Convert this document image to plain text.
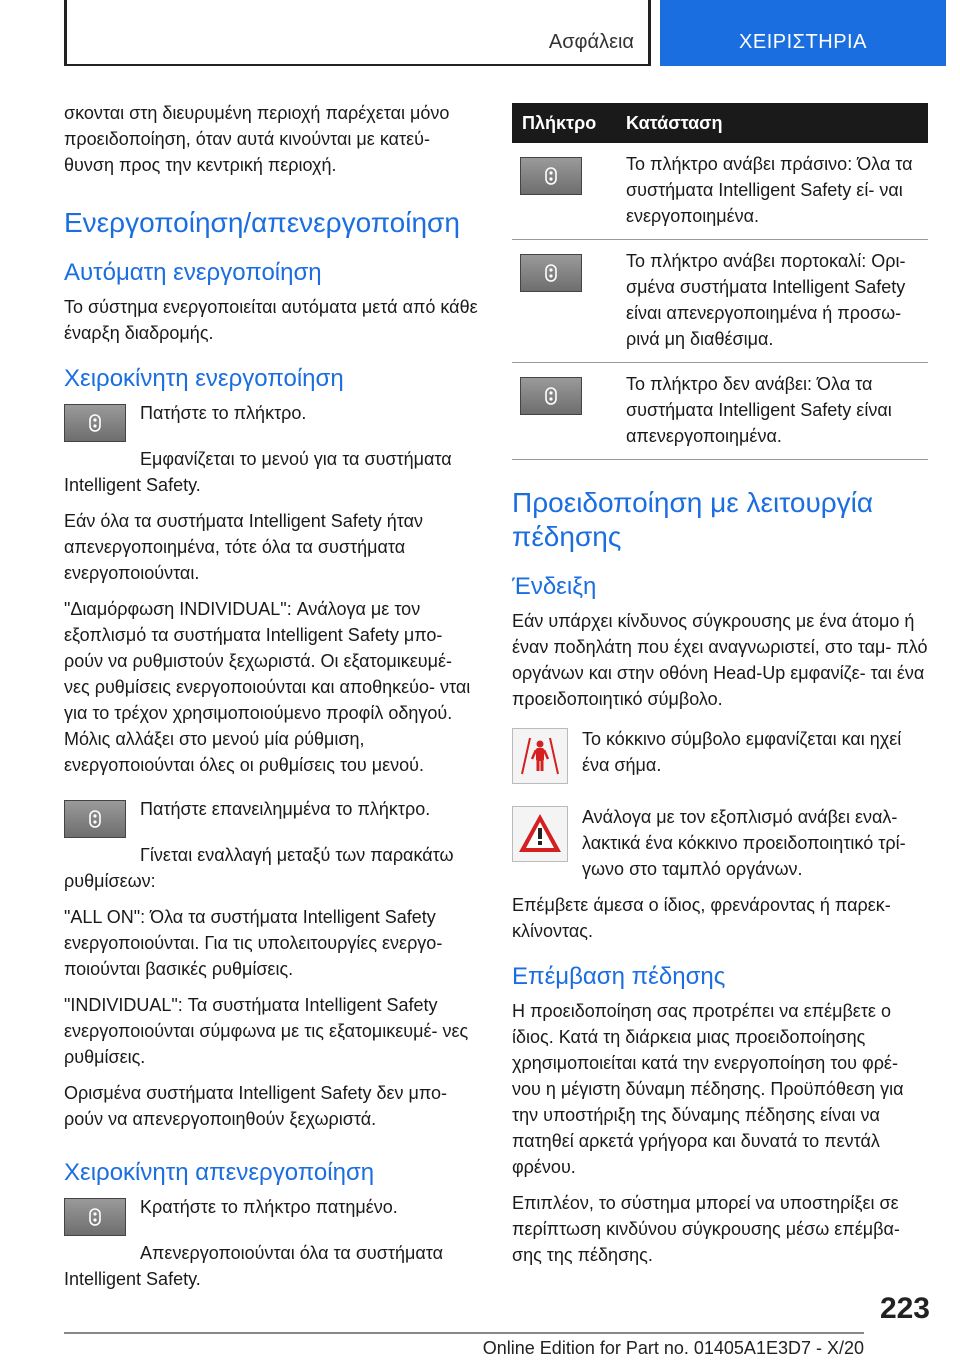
Ασφάλεια	ΧΕΙΡΙΣΤΗΡΙΑ

σκονται στη διευρυμένη περιοχή παρέχεται μόνο προειδοποίηση, όταν αυτά κινούνται με κατεύ- θυνση προς την κεντρική περιοχή.

Ενεργοποίηση/απενεργοποίηση
Αυτόματη ενεργοποίηση

Το σύστημα ενεργοποιείται αυτόματα μετά από κάθε έναρξη διαδρομής.

Χειροκίνητη ενεργοποίηση

Πατήστε το πλήκτρο.

Εμφανίζεται το μενού για τα συστήματα Intelligent Safety.

Εάν όλα τα συστήματα Intelligent Safety ήταν απενεργοποιημένα, τότε όλα τα συστήματα ενεργοποιούνται.

"Διαμόρφωση INDIVIDUAL": Ανάλογα με τον εξοπλισμό τα συστήματα Intelligent Safety μπο- ρούν να ρυθμιστούν ξεχωριστά. Οι εξατομικευμέ- νες ρυθμίσεις ενεργοποιούνται και αποθηκεύο- νται για το τρέχον χρησιμοποιούμενο προφίλ οδηγού. Μόλις αλλάξει στο μενού μία ρύθμιση, ενεργοποιούνται όλες οι ρυθμίσεις του μενού.

Πατήστε επανειλημμένα το πλήκτρο.

Γίνεται εναλλαγή μεταξύ των παρακάτω ρυθμίσεων:

"ALL ON": Όλα τα συστήματα Intelligent Safety ενεργοποιούνται. Για τις υπολειτουργίες ενεργο- ποιούνται βασικές ρυθμίσεις.

"INDIVIDUAL": Τα συστήματα Intelligent Safety ενεργοποιούνται σύμφωνα με τις εξατομικευμέ- νες ρυθμίσεις.

Ορισμένα συστήματα Intelligent Safety δεν μπο- ρούν να απενεργοποιηθούν ξεχωριστά.

Χειροκίνητη απενεργοποίηση

Κρατήστε το πλήκτρο πατημένο.

Απενεργοποιούνται όλα τα συστήματα Intelligent Safety.

Πλήκτρο	Κατάσταση

	Το πλήκτρο ανάβει πράσινο: Όλα τα συστήματα Intelligent Safety εί- ναι ενεργοποιημένα.

	Το πλήκτρο ανάβει πορτοκαλί: Ορι- σμένα συστήματα Intelligent Safety είναι απενεργοποιημένα ή προσω- ρινά μη διαθέσιμα.

	Το πλήκτρο δεν ανάβει: Όλα τα συστήματα Intelligent Safety είναι απενεργοποιημένα.
Προειδοποίηση με λειτουργία πέδησης
Ένδειξη

Εάν υπάρχει κίνδυνος σύγκρουσης με ένα άτομο ή έναν ποδηλάτη που έχει αναγνωριστεί, στο ταμ- πλό οργάνων και στην οθόνη Head-Up εμφανίζε- ται ένα προειδοποιητικό σύμβολο.

Το κόκκινο σύμβολο εμφανίζεται και ηχεί ένα σήμα.

Ανάλογα με τον εξοπλισμό ανάβει εναλ- λακτικά ένα κόκκινο προειδοποιητικό τρί- γωνο στο ταμπλό οργάνων.

Επέμβετε άμεσα ο ίδιος, φρενάροντας ή παρεκ- κλίνοντας.

Επέμβαση πέδησης

Η προειδοποίηση σας προτρέπει να επέμβετε ο ίδιος. Κατά τη διάρκεια μιας προειδοποίησης χρησιμοποιείται κατά την ενεργοποίηση του φρέ- νου η μέγιστη δύναμη πέδησης. Προϋπόθεση για την υποστήριξη της δύναμης πέδησης είναι να πατηθεί αρκετά γρήγορα και δυνατά το πεντάλ φρένου.

Επιπλέον, το σύστημα μπορεί να υποστηρίξει σε περίπτωση κινδύνου σύγκρουσης μέσω επέμβα- σης της πέδησης.

223
Online Edition for Part no. 01405A1E3D7 - X/20
